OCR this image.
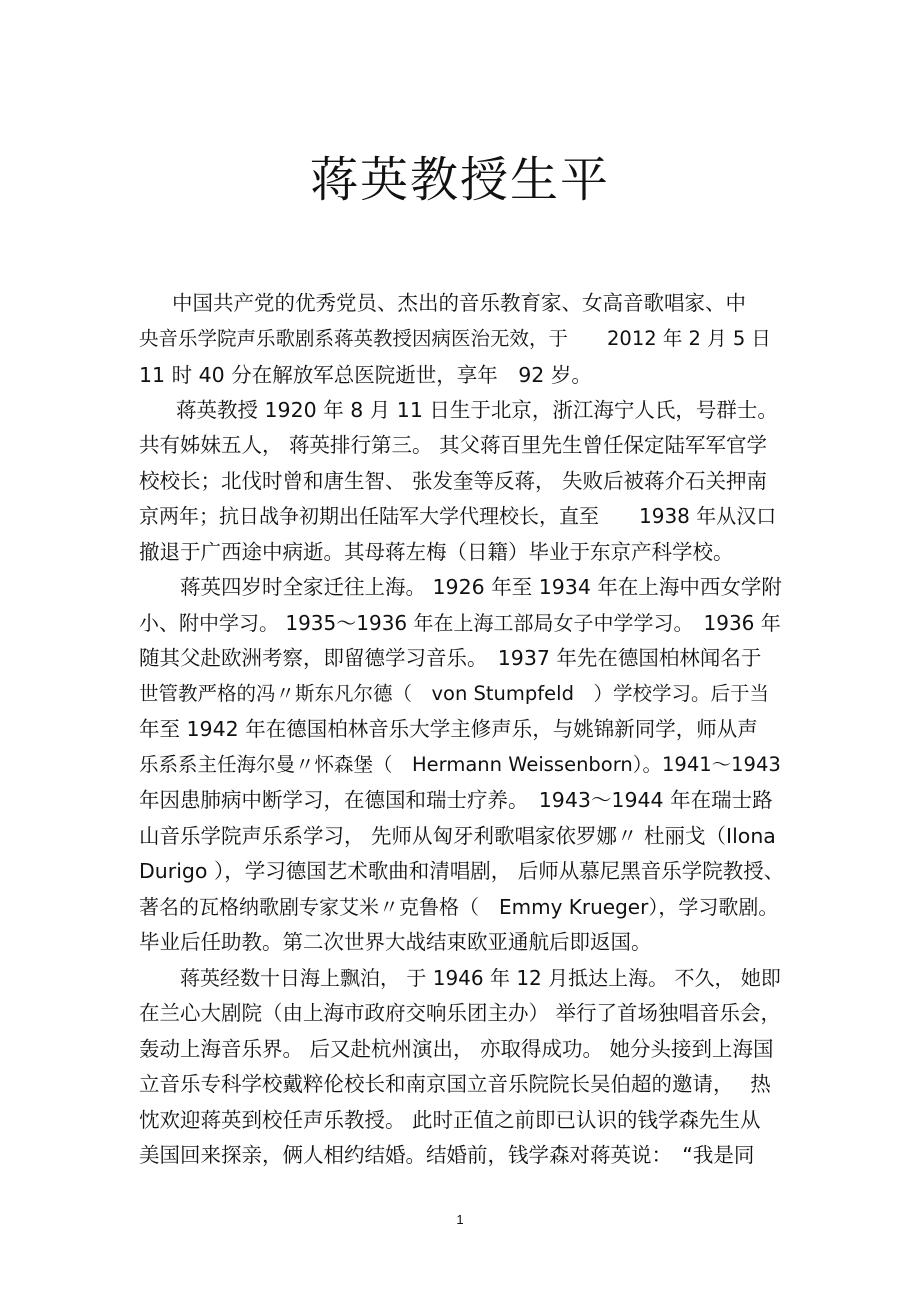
蒋英教授生平
中国共产党的优秀党员、杰出的音乐教育家、女高音歌唱家、中
央音乐学院声乐歌剧系蒋英教授因病医治无效，于　　2012 年 2 月 5 日
11 时 40 分在解放军总医院逝世，享年　92 岁。
蒋英教授 1920 年 8 月 11 日生于北京，浙江海宁人氏，号群士。
共有姊妹五人， 蒋英排行第三。 其父蒋百里先生曾任保定陆军军官学
校校长；北伐时曾和唐生智、 张发奎等反蒋， 失败后被蒋介石关押南
京两年；抗日战争初期出任陆军大学代理校长，直至　　1938 年从汉口
撤退于广西途中病逝。其母蒋左梅（日籍）毕业于东京产科学校。
蒋英四岁时全家迁往上海。 1926 年至 1934 年在上海中西女学附
小、附中学习。 1935～1936 年在上海工部局女子中学学习。　1936 年
随其父赴欧洲考察，即留德学习音乐。　1937 年先在德国柏林闻名于
世管教严格的冯〃斯东凡尔德（　von Stumpfeld　）学校学习。后于当
年至 1942 年在德国柏林音乐大学主修声乐，与姚锦新同学，师从声
乐系系主任海尔曼〃怀森堡（　Hermann Weissenborn）。1941～1943
年因患肺病中断学习，在德国和瑞士疗养。　1943～1944 年在瑞士路
山音乐学院声乐系学习， 先师从匈牙利歌唱家依罗娜〃 杜丽戈（Ilona
Durigo ），学习德国艺术歌曲和清唱剧， 后师从慕尼黑音乐学院教授、
著名的瓦格纳歌剧专家艾米〃克鲁格（　Emmy Krueger），学习歌剧。
毕业后任助教。第二次世界大战结束欧亚通航后即返国。
蒋英经数十日海上飘泊， 于 1946 年 12 月抵达上海。 不久， 她即
在兰心大剧院（由上海市政府交响乐团主办） 举行了首场独唱音乐会，
轰动上海音乐界。 后又赴杭州演出， 亦取得成功。 她分头接到上海国
立音乐专科学校戴粹伦校长和南京国立音乐院院长吴伯超的邀请，　 热
忱欢迎蒋英到校任声乐教授。 此时正值之前即已认识的钱学森先生从
美国回来探亲，俩人相约结婚。结婚前，钱学森对蒋英说：　“我是同
1
